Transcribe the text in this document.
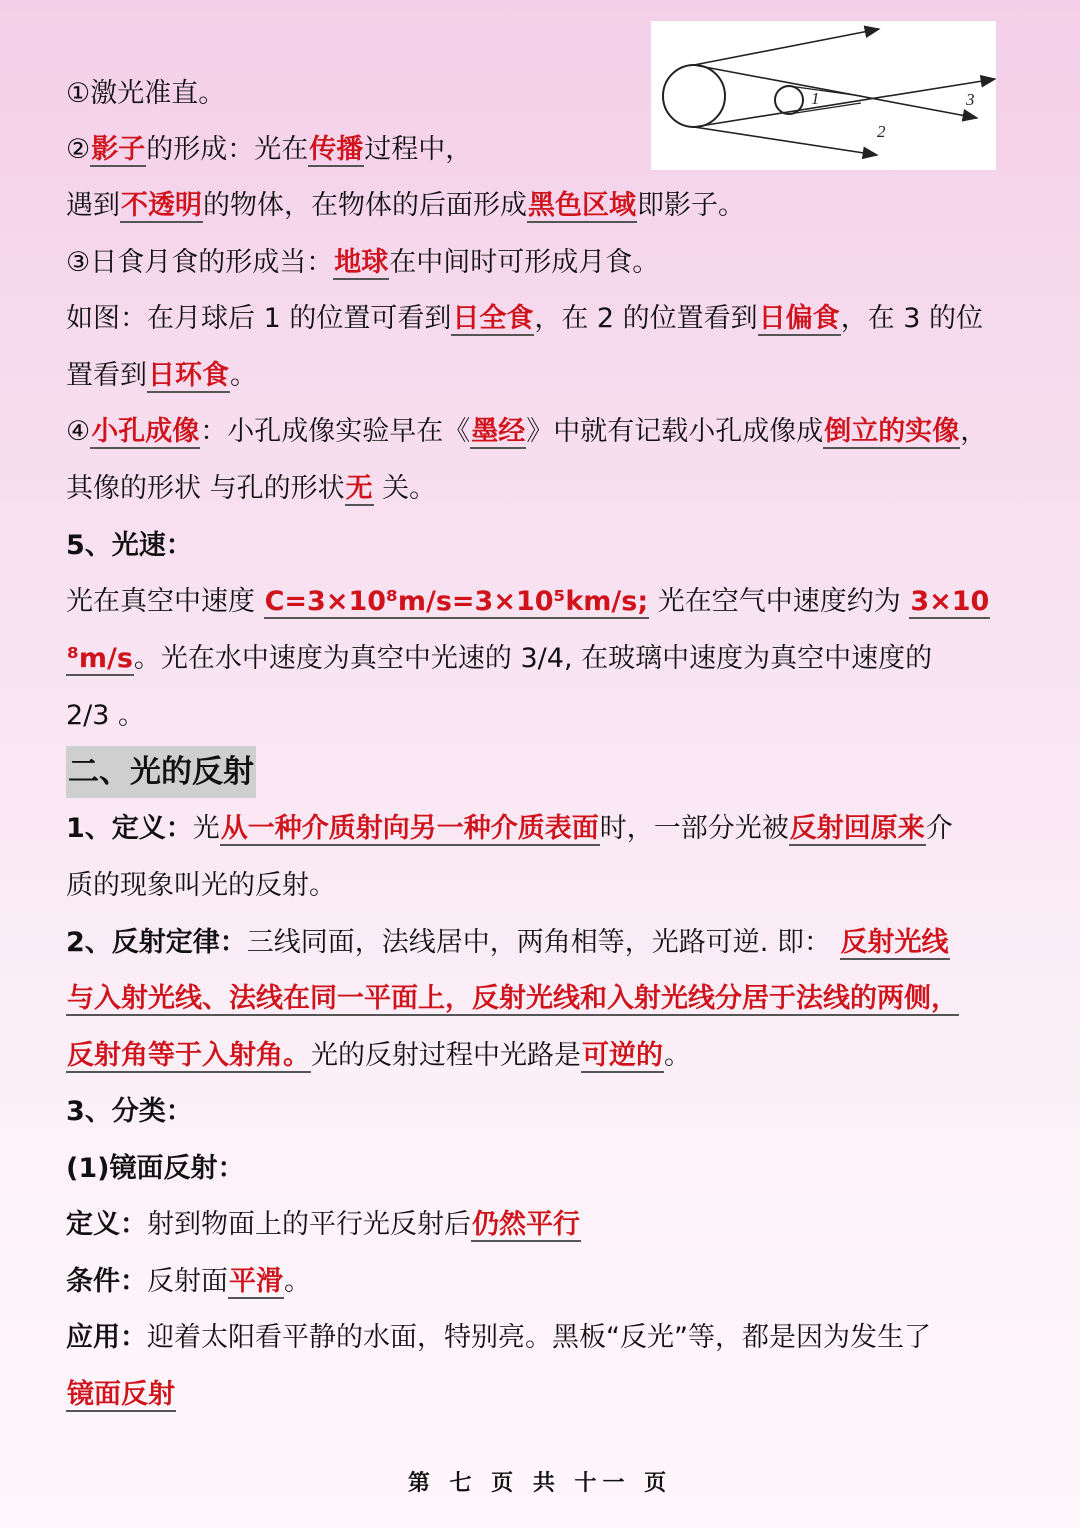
1
2
3
①激光准直。
②影子的形成：光在传播过程中，
遇到不透明的物体，在物体的后面形成黑色区域即影子。
③日食月食的形成当：地球在中间时可形成月食。
如图：在月球后 1 的位置可看到日全食，在 2 的位置看到日偏食，在 3 的位
置看到日环食。
④小孔成像：小孔成像实验早在《墨经》中就有记载小孔成像成倒立的实像，
其像的形状 与孔的形状无 关。
5、光速：
光在真空中速度 C=3×10⁸m/s=3×10⁵km/s; 光在空气中速度约为 3×10
⁸m/s。光在水中速度为真空中光速的 3/4, 在玻璃中速度为真空中速度的
2/3 。
二、光的反射
1、定义：光从一种介质射向另一种介质表面时，一部分光被反射回原来介
质的现象叫光的反射。
2、反射定律：三线同面，法线居中，两角相等，光路可逆. 即： 反射光线
与入射光线、法线在同一平面上，反射光线和入射光线分居于法线的两侧，
反射角等于入射角。光的反射过程中光路是可逆的。
3、分类：
(1)镜面反射：
定义：射到物面上的平行光反射后仍然平行
条件：反射面平滑。
应用：迎着太阳看平静的水面，特别亮。黑板“反光”等，都是因为发生了
镜面反射
第 七 页 共 十一 页
